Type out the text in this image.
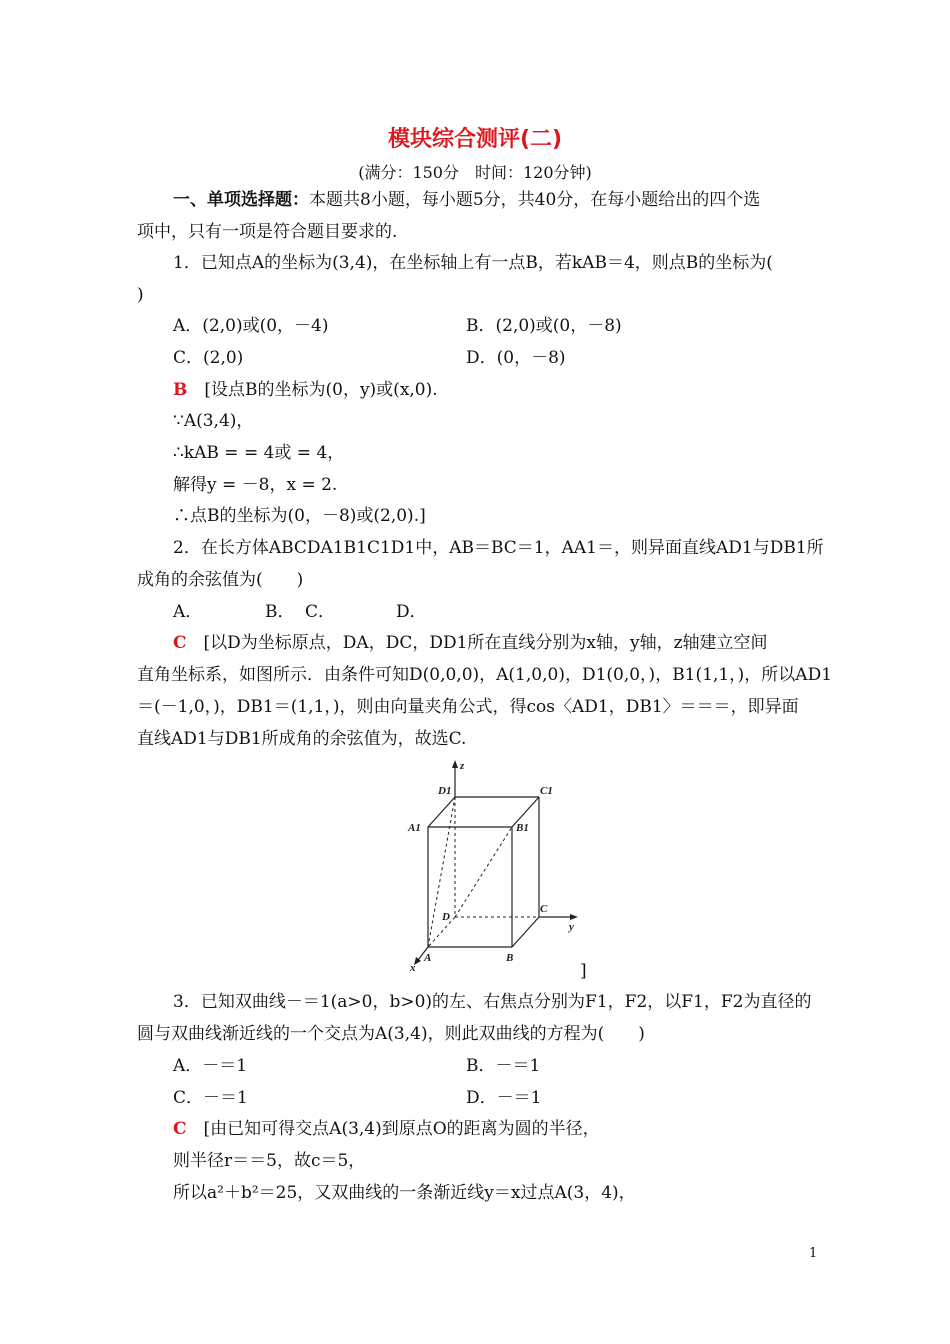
模块综合测评(二)
(满分：150分　时间：120分钟)
一、单项选择题：本题共8小题，每小题5分，共40分，在每小题给出的四个选
项中，只有一项是符合题目要求的.
1．已知点A的坐标为(3,4)，在坐标轴上有一点B，若kAB＝4，则点B的坐标为(
)
A．(2,0)或(0，－4)	B．(2,0)或(0，－8)
C．(2,0)	D．(0，－8)
B　 [设点B的坐标为(0，y)或(x,0).
∵A(3,4)，
∴kAB = = 4或 = 4，
解得y = －8，x = 2.
∴点B的坐标为(0，－8)或(2,0).]
2．在长方体ABCDA1B1C1D1中，AB＝BC＝1，AA1＝，则异面直线AD1与DB1所
成角的余弦值为(　　)
A．	B． C．	D．
C　 [以D为坐标原点，DA，DC，DD1所在直线分别为x轴，y轴，z轴建立空间
直角坐标系，如图所示．由条件可知D(0,0,0)，A(1,0,0)，D1(0,0，)，B1(1,1，)，所以AD1
＝(－1,0，)，DB1＝(1,1，)，则由向量夹角公式，得cos〈AD1，DB1〉＝＝＝，即异面
直线AD1与DB1所成角的余弦值为，故选C.
z
y
x
D1	C1
A1	B1
D
C
A	B
]
3．已知双曲线－＝1(a>0，b>0)的左、右焦点分别为F1，F2，以F1，F2为直径的
圆与双曲线渐近线的一个交点为A(3,4)，则此双曲线的方程为(　　)
A．－＝1	B．－＝1
C．－＝1	D．－＝1
C　 [由已知可得交点A(3,4)到原点O的距离为圆的半径，
则半径r＝＝5，故c＝5，
所以a²＋b²＝25，又双曲线的一条渐近线y＝x过点A(3，4)，
1
